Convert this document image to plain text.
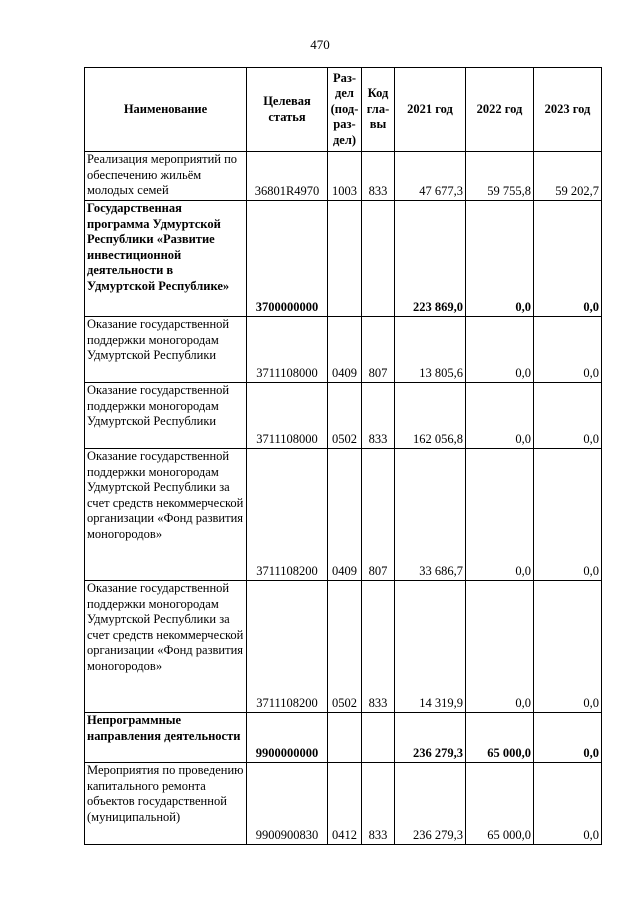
470
Наименование	Целевая статья	Раз-дел (под-раз-дел)	Код гла-вы	2021 год	2022 год	2023 год
Реализация мероприятий по обеспечению жильём молодых семей	36801R4970	1003	833	47 677,3	59 755,8	59 202,7
Государственная программа Удмуртской Республики «Развитие инвестиционной деятельности в Удмуртской Республике»	3700000000			223 869,0	0,0	0,0
Оказание государственной поддержки моногородам Удмуртской Республики	3711108000	0409	807	13 805,6	0,0	0,0
Оказание государственной поддержки моногородам Удмуртской Республики	3711108000	0502	833	162 056,8	0,0	0,0
Оказание государственной поддержки моногородам Удмуртской Республики за счет средств некоммерческой организации «Фонд развития моногородов»	3711108200	0409	807	33 686,7	0,0	0,0
Оказание государственной поддержки моногородам Удмуртской Республики за счет средств некоммерческой организации «Фонд развития моногородов»	3711108200	0502	833	14 319,9	0,0	0,0
Непрограммные направления деятельности	9900000000			236 279,3	65 000,0	0,0
Мероприятия по проведению капитального ремонта объектов государственной (муниципальной)	9900900830	0412	833	236 279,3	65 000,0	0,0
